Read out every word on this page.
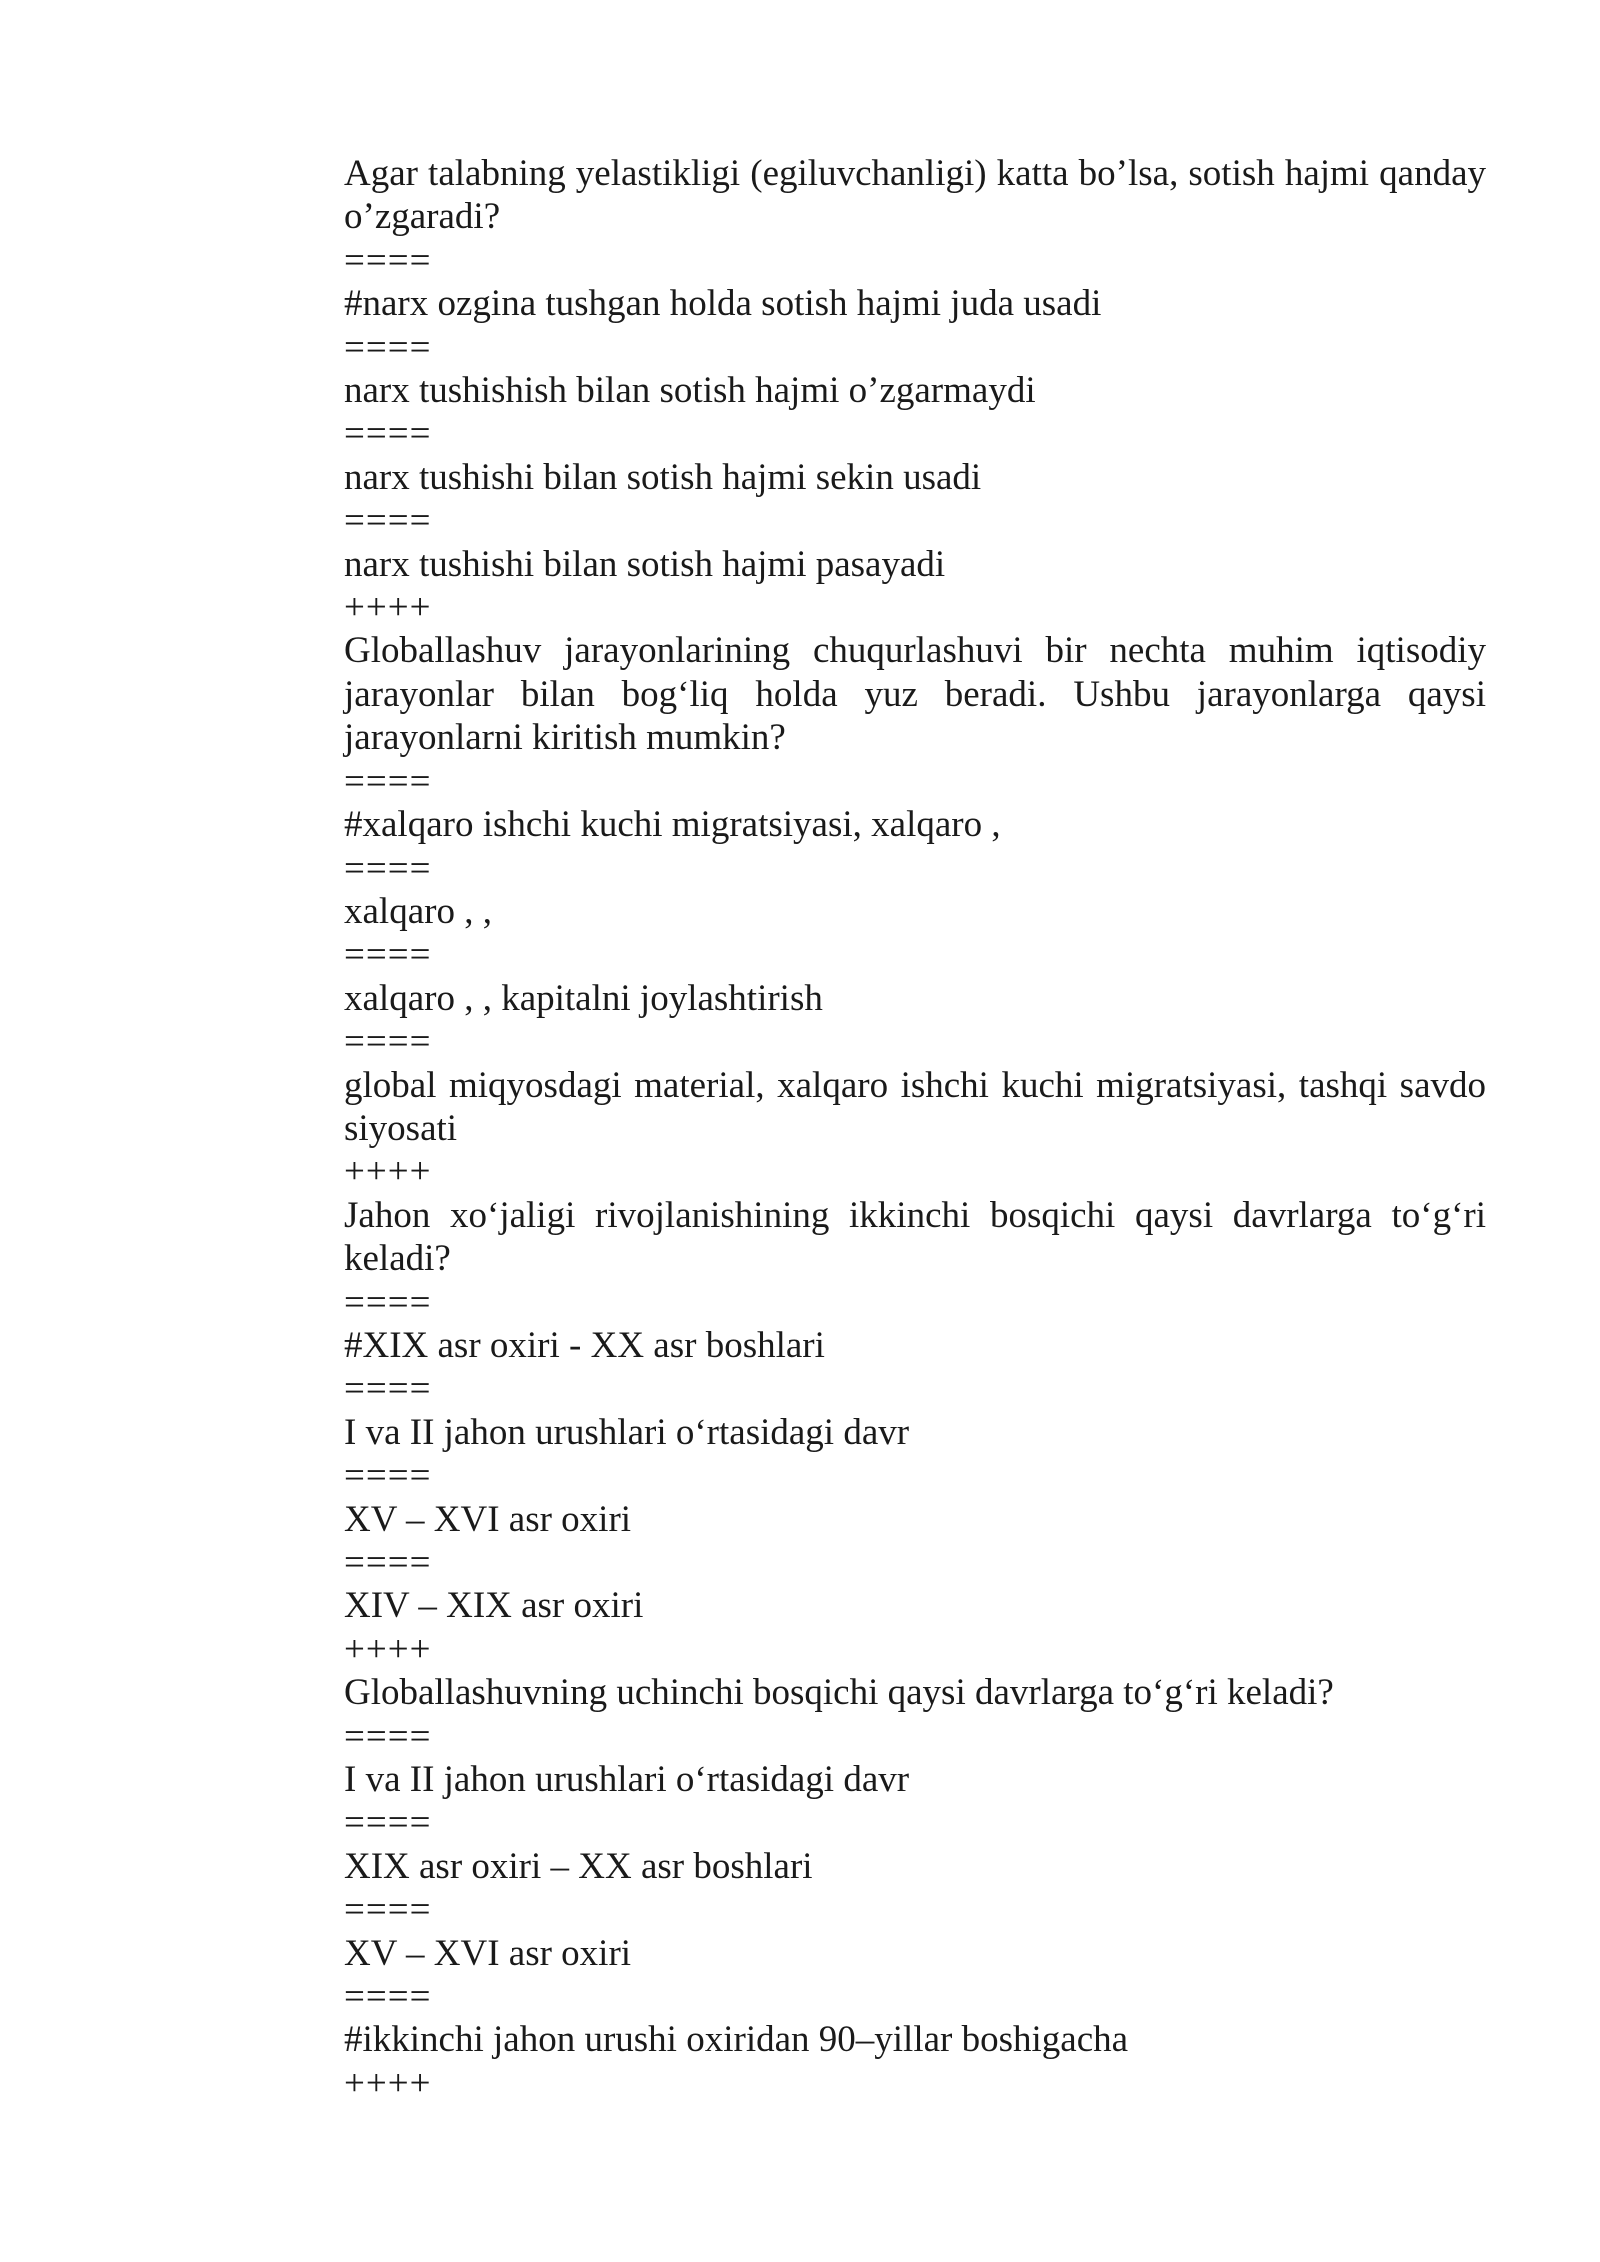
Agar talabning yelastikligi (egiluvchanligi) katta bo’lsa, sotish hajmi qanday o’zgaradi?

====

#narx ozgina tushgan holda sotish hajmi juda usadi

====

narx tushishish bilan sotish hajmi o’zgarmaydi

====

narx tushishi bilan sotish hajmi sekin usadi

====

narx tushishi bilan sotish hajmi pasayadi

++++

Globallashuv jarayonlarining chuqurlashuvi bir nechta muhim iqtisodiy jarayonlar bilan bog‘liq holda yuz beradi. Ushbu jarayonlarga qaysi jarayonlarni kiritish mumkin?

====

#xalqaro ishchi kuchi migratsiyasi, xalqaro ,

====

xalqaro , ,

====

xalqaro , , kapitalni joylashtirish

====

global miqyosdagi material, xalqaro ishchi kuchi migratsiyasi, tashqi savdo siyosati

++++

Jahon xo‘jaligi rivojlanishining ikkinchi bosqichi qaysi davrlarga to‘g‘ri keladi?

====

#XIX asr oxiri - XX asr boshlari

====

I va II jahon urushlari o‘rtasidagi davr

====

XV – XVI asr oxiri

====

XIV – XIX asr oxiri

++++

Globallashuvning uchinchi bosqichi qaysi davrlarga to‘g‘ri keladi?

====

I va II jahon urushlari o‘rtasidagi davr

====

XIX asr oxiri – XX asr boshlari

====

XV – XVI asr oxiri

====

#ikkinchi jahon urushi oxiridan 90–yillar boshigacha

++++
